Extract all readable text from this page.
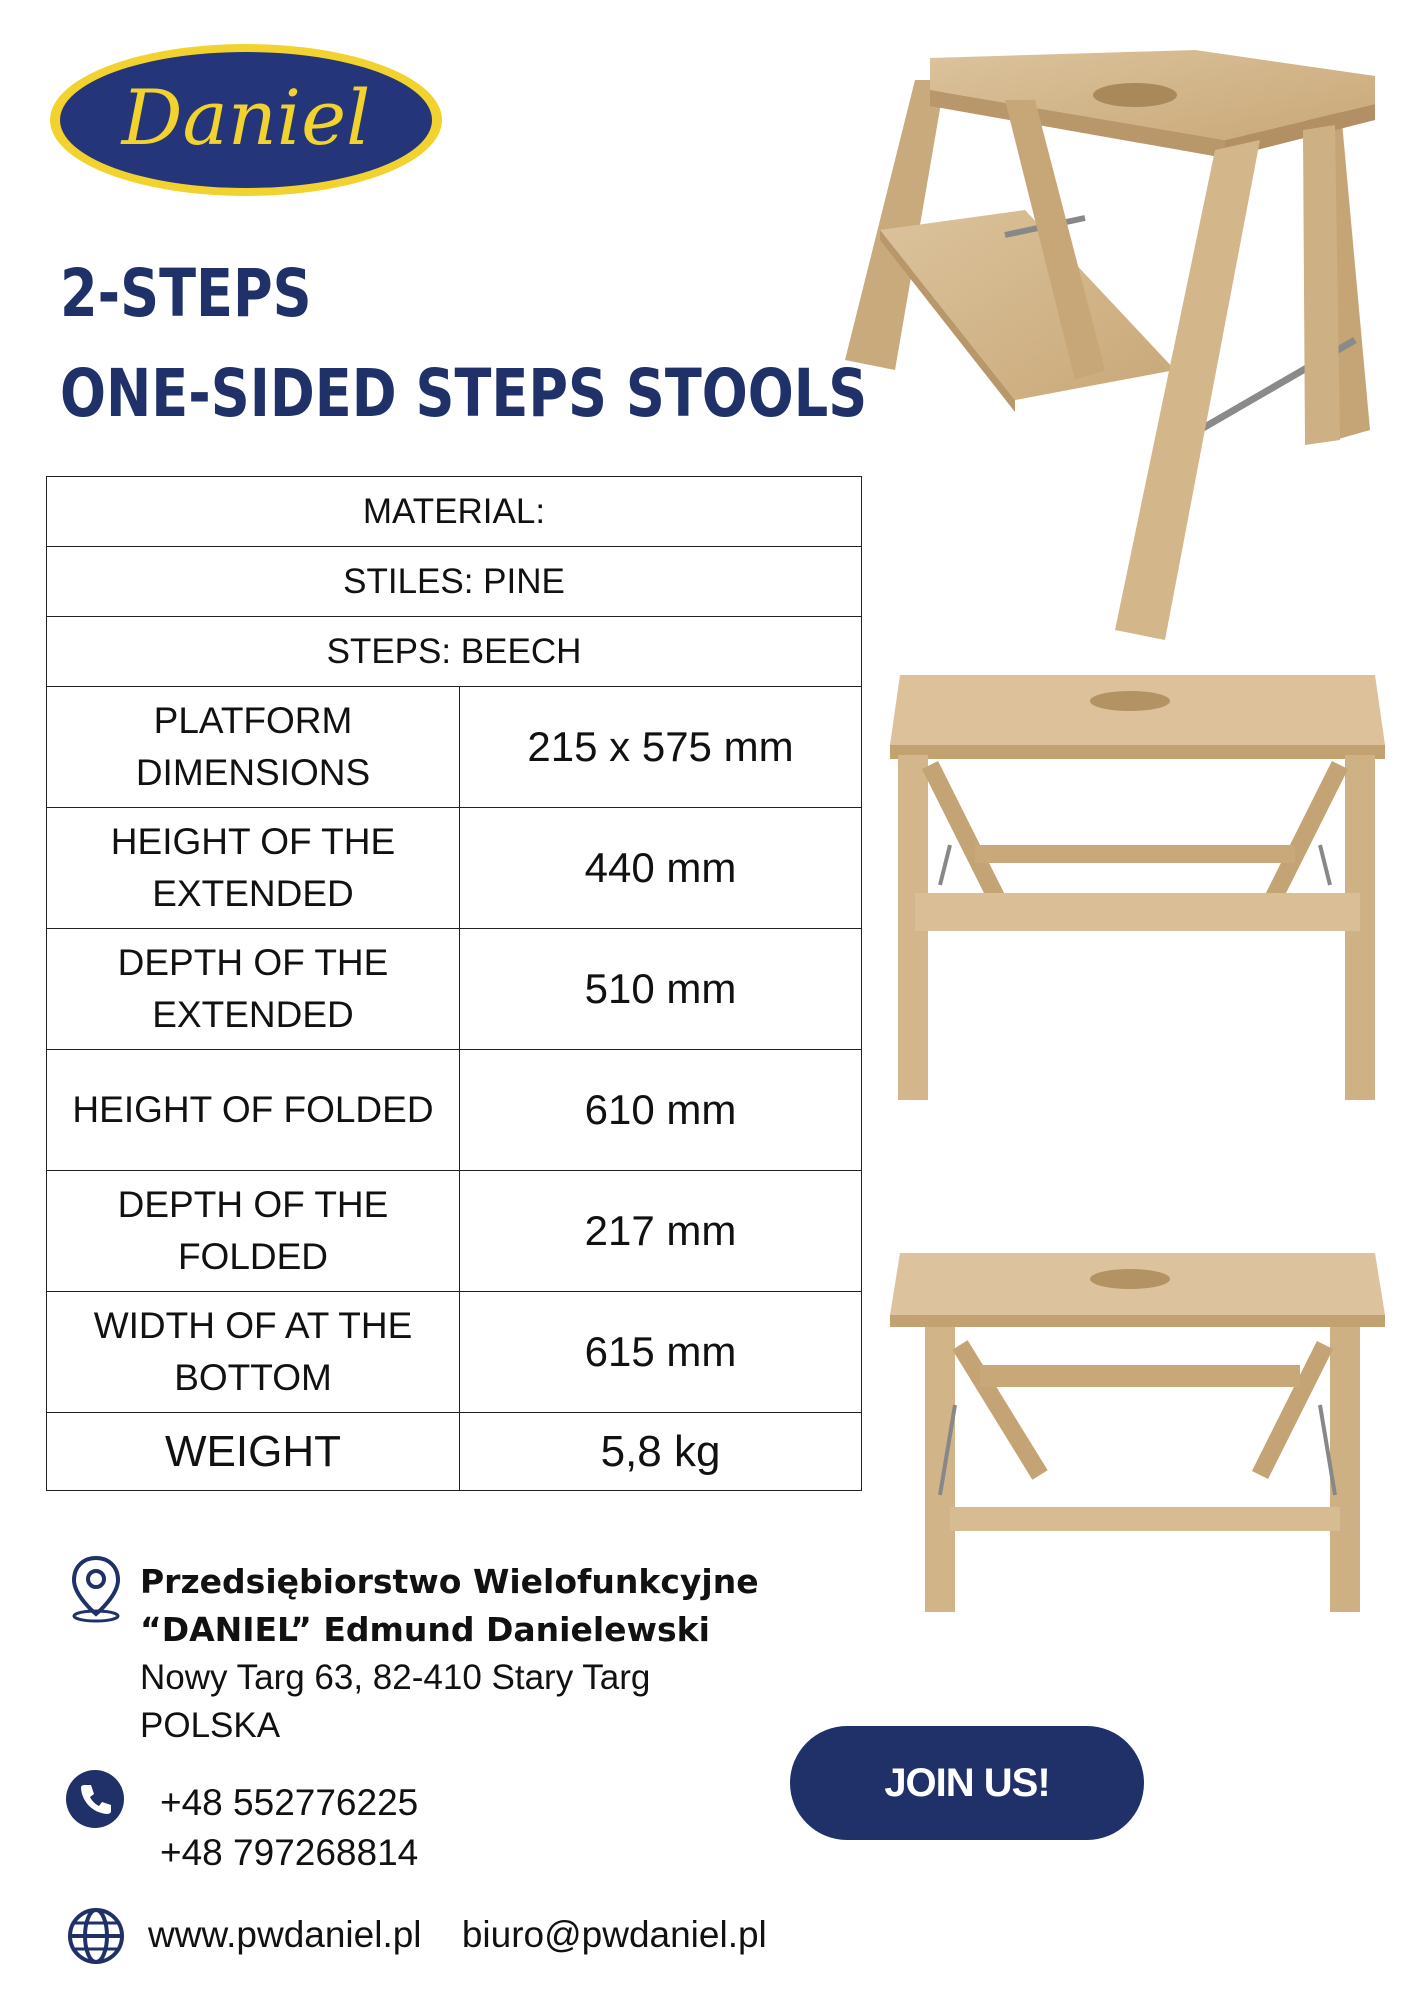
Daniel
2-STEPS
ONE-SIDED STEPS STOOLS
MATERIAL:	
STILES: PINE	
STEPS: BEECH	
PLATFORM DIMENSIONS	215 x 575 mm
HEIGHT OF THE EXTENDED	440 mm
DEPTH OF THE EXTENDED	510 mm
HEIGHT OF FOLDED	610 mm
DEPTH OF THE FOLDED	217 mm
WIDTH OF AT THE BOTTOM	615 mm
WEIGHT	5,8 kg
Przedsiębiorstwo Wielofunkcyjne
“DANIEL” Edmund Danielewski
Nowy Targ 63, 82-410 Stary Targ
POLSKA
+48 552776225
+48 797268814
www.pwdaniel.pl biuro@pwdaniel.pl
JOIN US!
